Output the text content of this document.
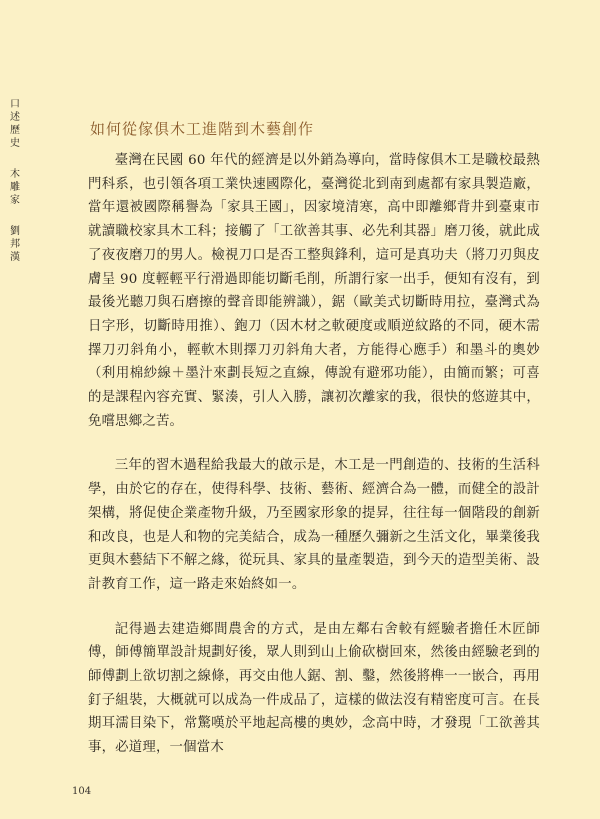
口
述
歷
史
木
雕
家
劉
邦
漢
如何從傢俱木工進階到木藝創作

臺灣在民國 60 年代的經濟是以外銷為導向，當時傢俱木工是職校最熱門科系，也引領各項工業快速國際化，臺灣從北到南到處都有家具製造廠，當年還被國際稱譽為「家具王國」，因家境清寒，高中即離鄉背井到臺東市就讀職校家具木工科；接觸了「工欲善其事、必先利其器」磨刀後，就此成了夜夜磨刀的男人。檢視刀口是否工整與鋒利，這可是真功夫（將刀刃與皮膚呈 90 度輕輕平行滑過即能切斷毛削，所謂行家一出手，便知有沒有，到最後光聽刀與石磨擦的聲音即能辨識），鋸（歐美式切斷時用拉，臺灣式為日字形，切斷時用推）、鉋刀（因木材之軟硬度或順逆紋路的不同，硬木需擇刀刃斜角小，輕軟木則擇刀刃斜角大者，方能得心應手）和墨斗的奧妙（利用棉紗線＋墨汁來劃長短之直線，傳說有避邪功能），由簡而繁；可喜的是課程內容充實、緊湊，引人入勝，讓初次離家的我，很快的悠遊其中，免嚐思鄉之苦。

三年的習木過程給我最大的啟示是，木工是一門創造的、技術的生活科學，由於它的存在，使得科學、技術、藝術、經濟合為一體，而健全的設計架構，將促使企業產物升級，乃至國家形象的提昇，往往每一個階段的創新和改良，也是人和物的完美結合，成為一種歷久彌新之生活文化，畢業後我更與木藝結下不解之緣，從玩具、家具的量產製造，到今天的造型美術、設計教育工作，這一路走來始終如一。

記得過去建造鄉間農舍的方式，是由左鄰右舍較有經驗者擔任木匠師傅，師傅簡單設計規劃好後，眾人則到山上偷砍樹回來，然後由經驗老到的師傅劃上欲切割之線條，再交由他人鋸、割、鑿，然後將榫一一嵌合，再用釘子組裝，大概就可以成為一件成品了，這樣的做法沒有精密度可言。在長期耳濡目染下，常驚嘆於平地起高樓的奧妙，念高中時，才發現「工欲善其事，必道理，一個當木

104
